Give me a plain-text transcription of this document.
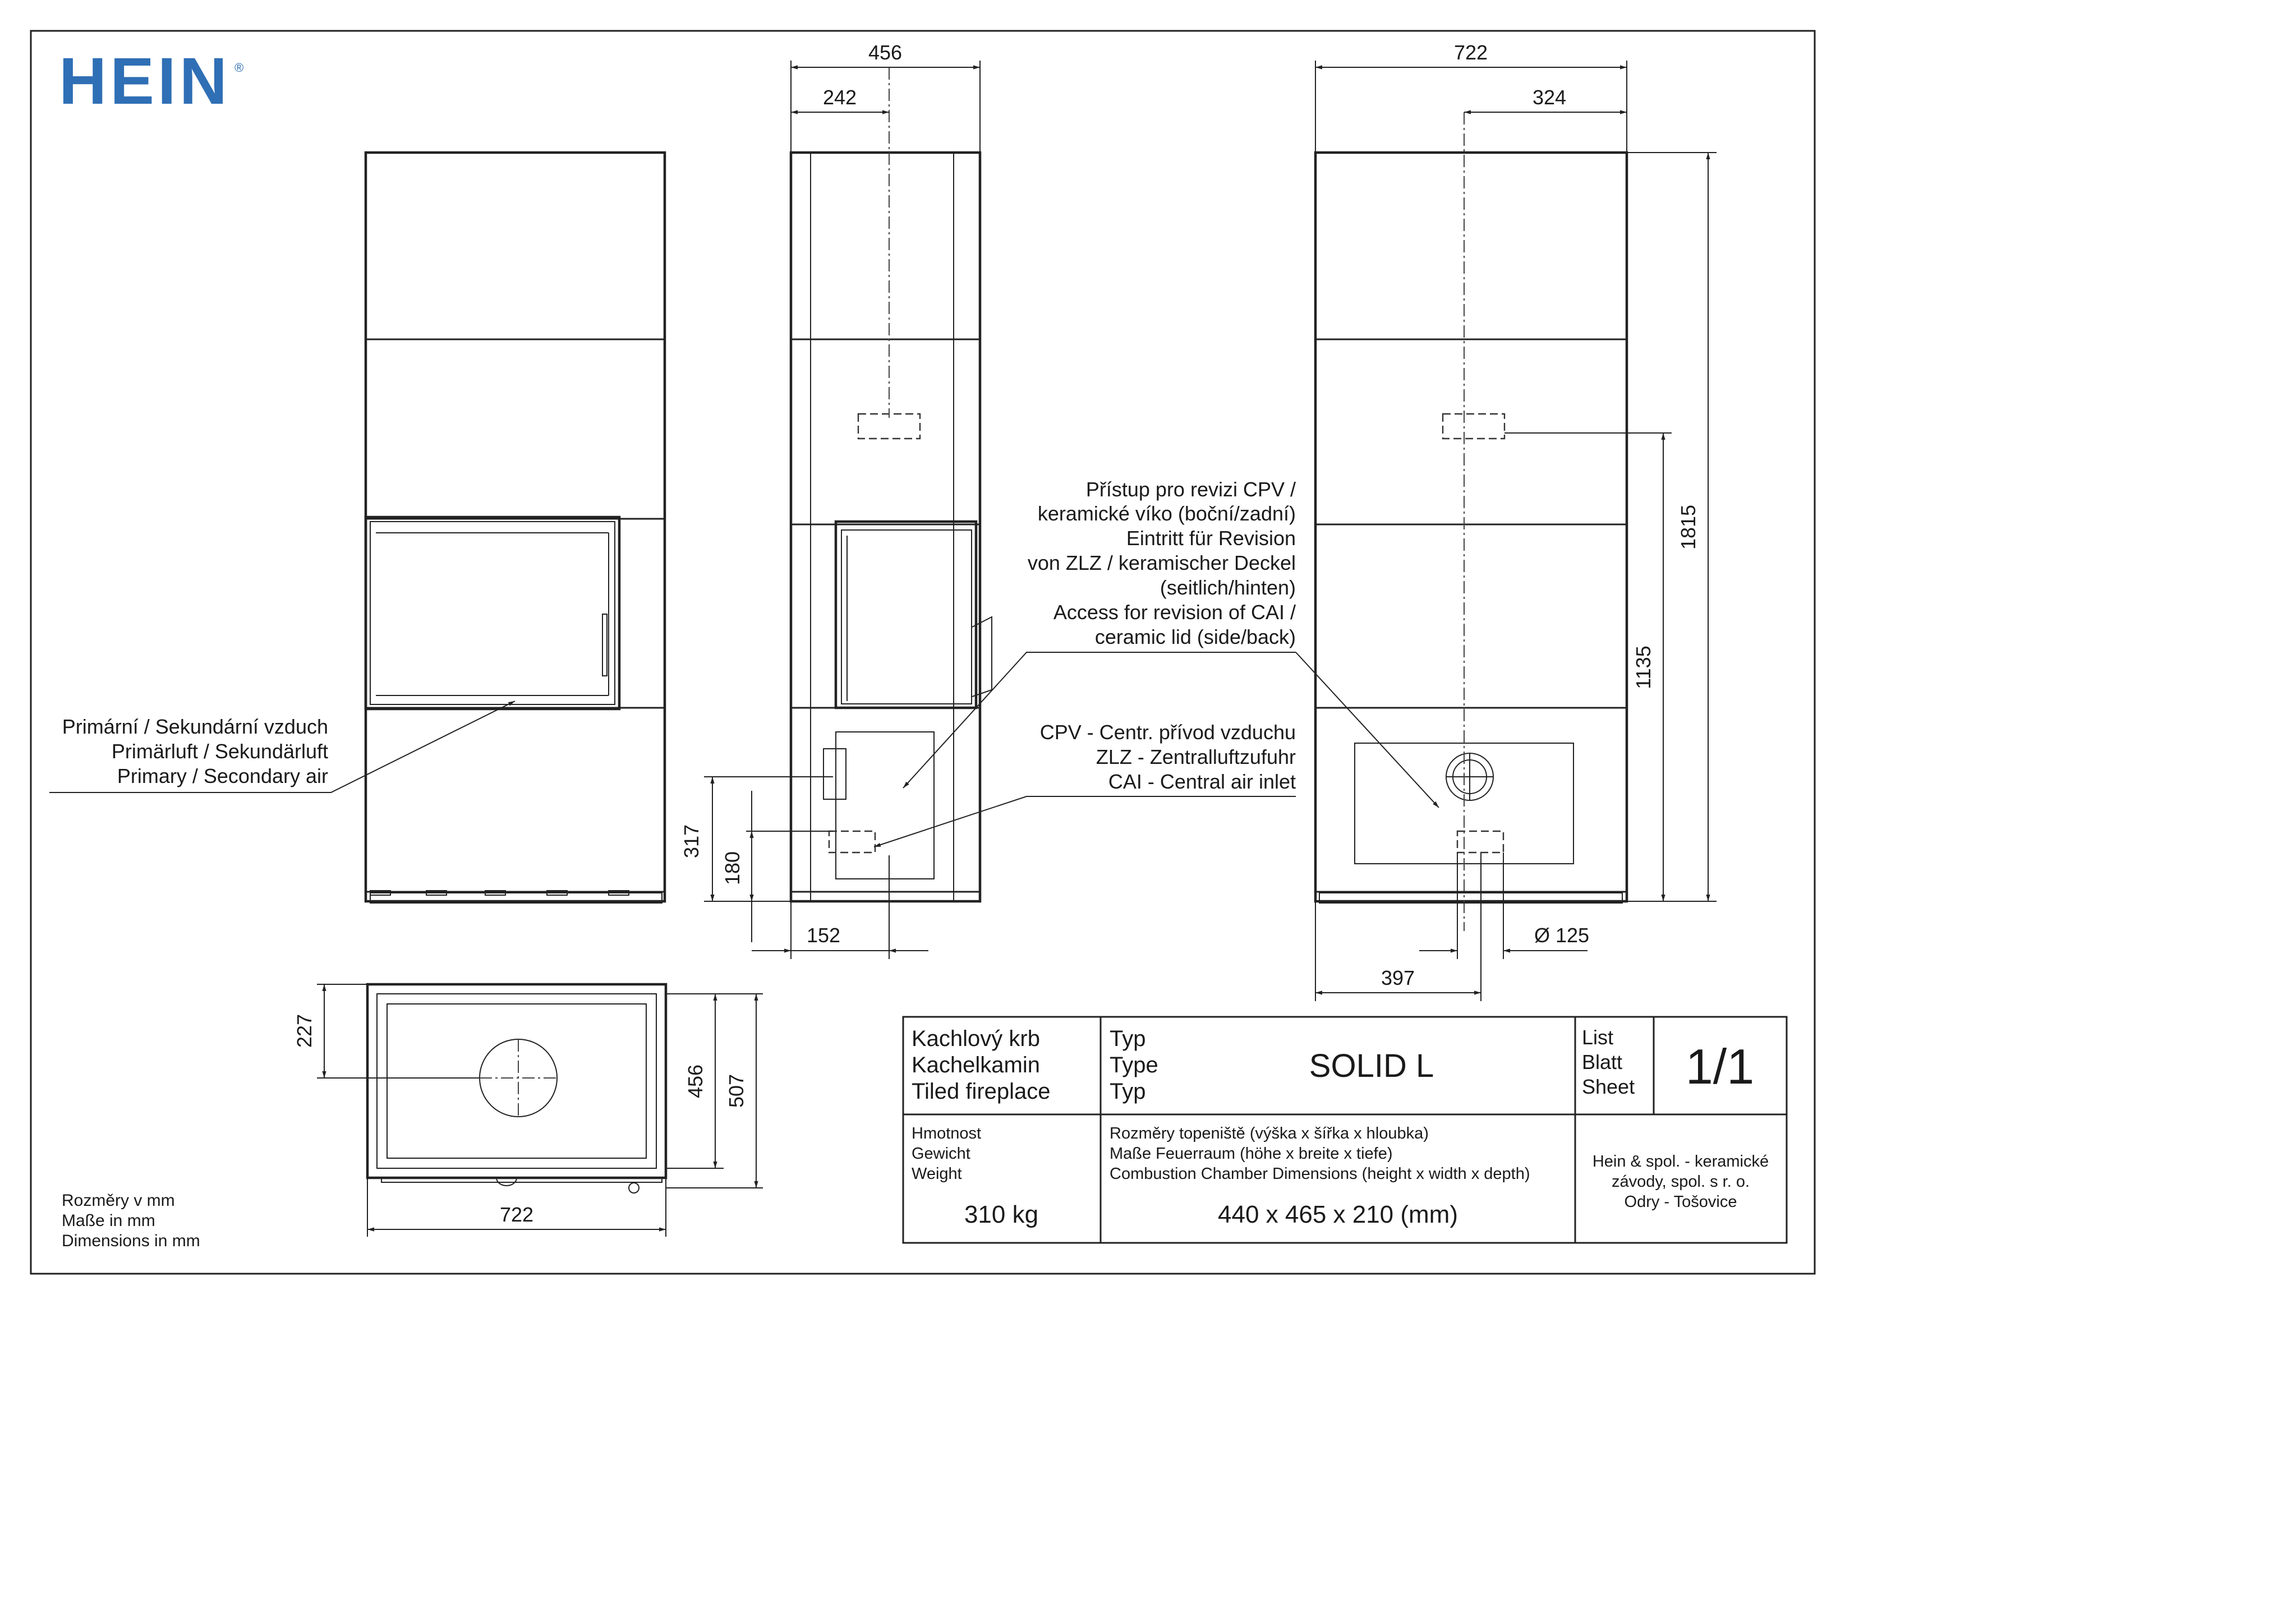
HEIN ®
Primární / Sekundární vzduch
Primärluft / Sekundärluft
Primary / Secondary air
456
242
317
180
152
Přístup pro revizi CPV /
keramické víko (boční/zadní)
Eintritt für Revision
von ZLZ / keramischer Deckel
(seitlich/hinten)
Access for revision of CAI /
ceramic lid (side/back)
CPV - Centr. přívod vzduchu
ZLZ - Zentralluftzufuhr
CAI - Central air inlet
722
324
1815
1135
Ø 125
397
227
456 507
722
Rozměry v mm
Maße in mm
Dimensions in mm
Kachlový krb
Kachelkamin
Tiled fireplace
Typ
Type
Typ
SOLID L
List
Blatt
Sheet 1/1
Hmotnost
Gewicht
Weight
310 kg
Rozměry topeniště (výška x šířka x hloubka)
Maße Feuerraum (höhe x breite x tiefe)
Combustion Chamber Dimensions (height x width x depth)
440 x 465 x 210 (mm)
Hein & spol. - keramické
závody, spol. s r. o.
Odry - Tošovice
